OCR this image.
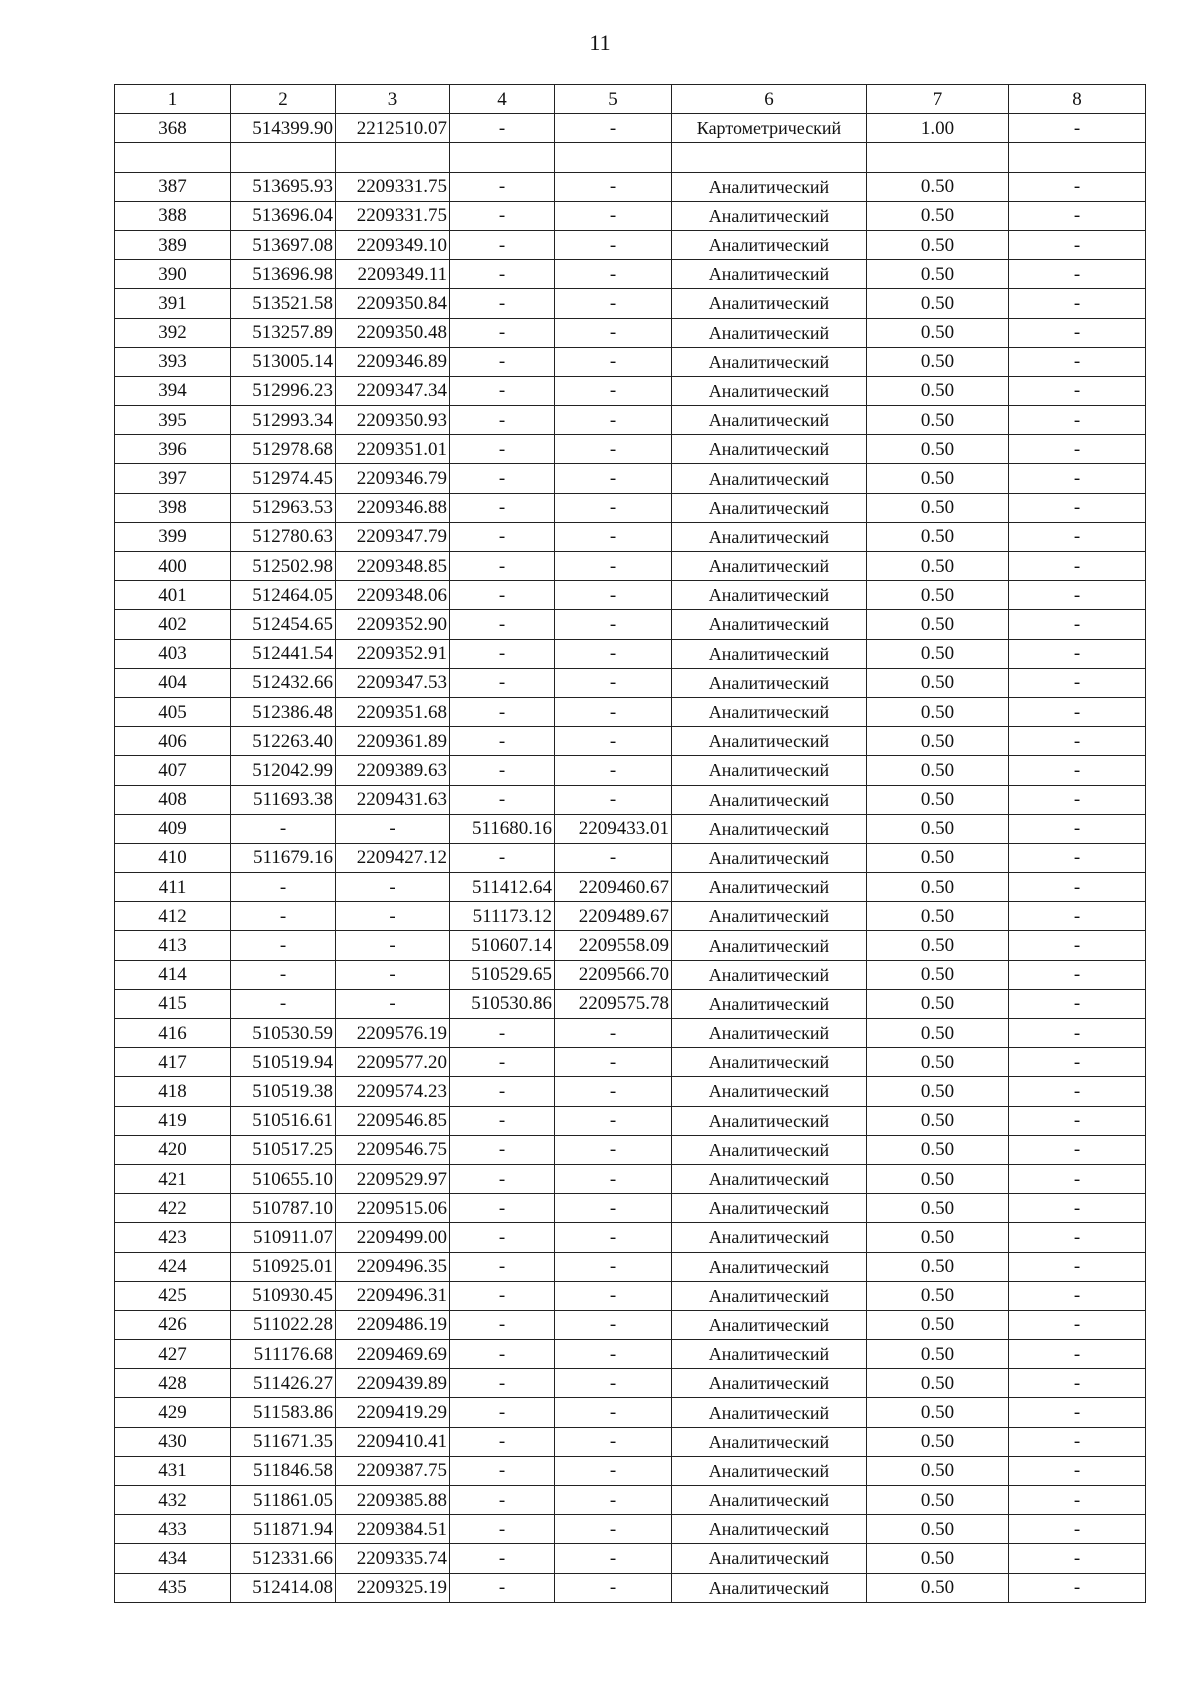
11
1	2	3	4	5	6	7	8
368	514399.90	2212510.07	-	-	Картометрический	1.00	-

387	513695.93	2209331.75	-	-	Аналитический	0.50	-
388	513696.04	2209331.75	-	-	Аналитический	0.50	-
389	513697.08	2209349.10	-	-	Аналитический	0.50	-
390	513696.98	2209349.11	-	-	Аналитический	0.50	-
391	513521.58	2209350.84	-	-	Аналитический	0.50	-
392	513257.89	2209350.48	-	-	Аналитический	0.50	-
393	513005.14	2209346.89	-	-	Аналитический	0.50	-
394	512996.23	2209347.34	-	-	Аналитический	0.50	-
395	512993.34	2209350.93	-	-	Аналитический	0.50	-
396	512978.68	2209351.01	-	-	Аналитический	0.50	-
397	512974.45	2209346.79	-	-	Аналитический	0.50	-
398	512963.53	2209346.88	-	-	Аналитический	0.50	-
399	512780.63	2209347.79	-	-	Аналитический	0.50	-
400	512502.98	2209348.85	-	-	Аналитический	0.50	-
401	512464.05	2209348.06	-	-	Аналитический	0.50	-
402	512454.65	2209352.90	-	-	Аналитический	0.50	-
403	512441.54	2209352.91	-	-	Аналитический	0.50	-
404	512432.66	2209347.53	-	-	Аналитический	0.50	-
405	512386.48	2209351.68	-	-	Аналитический	0.50	-
406	512263.40	2209361.89	-	-	Аналитический	0.50	-
407	512042.99	2209389.63	-	-	Аналитический	0.50	-
408	511693.38	2209431.63	-	-	Аналитический	0.50	-
409	-	-	511680.16	2209433.01	Аналитический	0.50	-
410	511679.16	2209427.12	-	-	Аналитический	0.50	-
411	-	-	511412.64	2209460.67	Аналитический	0.50	-
412	-	-	511173.12	2209489.67	Аналитический	0.50	-
413	-	-	510607.14	2209558.09	Аналитический	0.50	-
414	-	-	510529.65	2209566.70	Аналитический	0.50	-
415	-	-	510530.86	2209575.78	Аналитический	0.50	-
416	510530.59	2209576.19	-	-	Аналитический	0.50	-
417	510519.94	2209577.20	-	-	Аналитический	0.50	-
418	510519.38	2209574.23	-	-	Аналитический	0.50	-
419	510516.61	2209546.85	-	-	Аналитический	0.50	-
420	510517.25	2209546.75	-	-	Аналитический	0.50	-
421	510655.10	2209529.97	-	-	Аналитический	0.50	-
422	510787.10	2209515.06	-	-	Аналитический	0.50	-
423	510911.07	2209499.00	-	-	Аналитический	0.50	-
424	510925.01	2209496.35	-	-	Аналитический	0.50	-
425	510930.45	2209496.31	-	-	Аналитический	0.50	-
426	511022.28	2209486.19	-	-	Аналитический	0.50	-
427	511176.68	2209469.69	-	-	Аналитический	0.50	-
428	511426.27	2209439.89	-	-	Аналитический	0.50	-
429	511583.86	2209419.29	-	-	Аналитический	0.50	-
430	511671.35	2209410.41	-	-	Аналитический	0.50	-
431	511846.58	2209387.75	-	-	Аналитический	0.50	-
432	511861.05	2209385.88	-	-	Аналитический	0.50	-
433	511871.94	2209384.51	-	-	Аналитический	0.50	-
434	512331.66	2209335.74	-	-	Аналитический	0.50	-
435	512414.08	2209325.19	-	-	Аналитический	0.50	-
